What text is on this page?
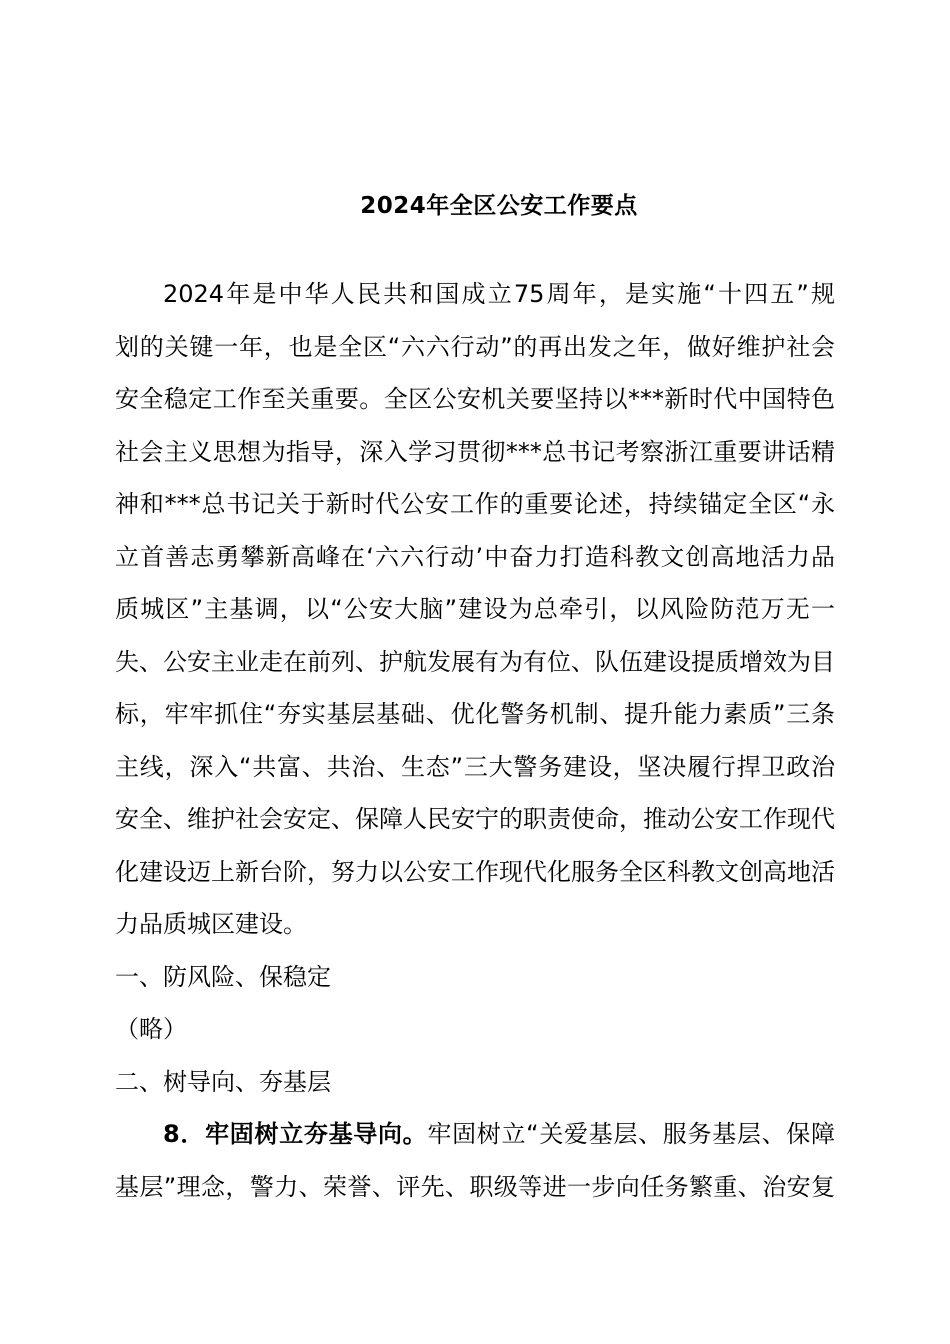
2024年全区公安工作要点

2024年是中华人民共和国成立75周年，是实施“十四五”规
划的关键一年，也是全区“六六行动”的再出发之年，做好维护社会
安全稳定工作至关重要。全区公安机关要坚持以***新时代中国特色
社会主义思想为指导，深入学习贯彻***总书记考察浙江重要讲话精
神和***总书记关于新时代公安工作的重要论述，持续锚定全区“永
立首善志勇攀新高峰在‘六六行动’中奋力打造科教文创高地活力品
质城区”主基调，以“公安大脑”建设为总牵引，以风险防范万无一
失、公安主业走在前列、护航发展有为有位、队伍建设提质增效为目
标，牢牢抓住“夯实基层基础、优化警务机制、提升能力素质”三条
主线，深入“共富、共治、生态”三大警务建设，坚决履行捍卫政治
安全、维护社会安定、保障人民安宁的职责使命，推动公安工作现代
化建设迈上新台阶，努力以公安工作现代化服务全区科教文创高地活
力品质城区建设。

一、防风险、保稳定

（略）

二、树导向、夯基层

8．牢固树立夯基导向。牢固树立“关爱基层、服务基层、保障
基层”理念，警力、荣誉、评先、职级等进一步向任务繁重、治安复
